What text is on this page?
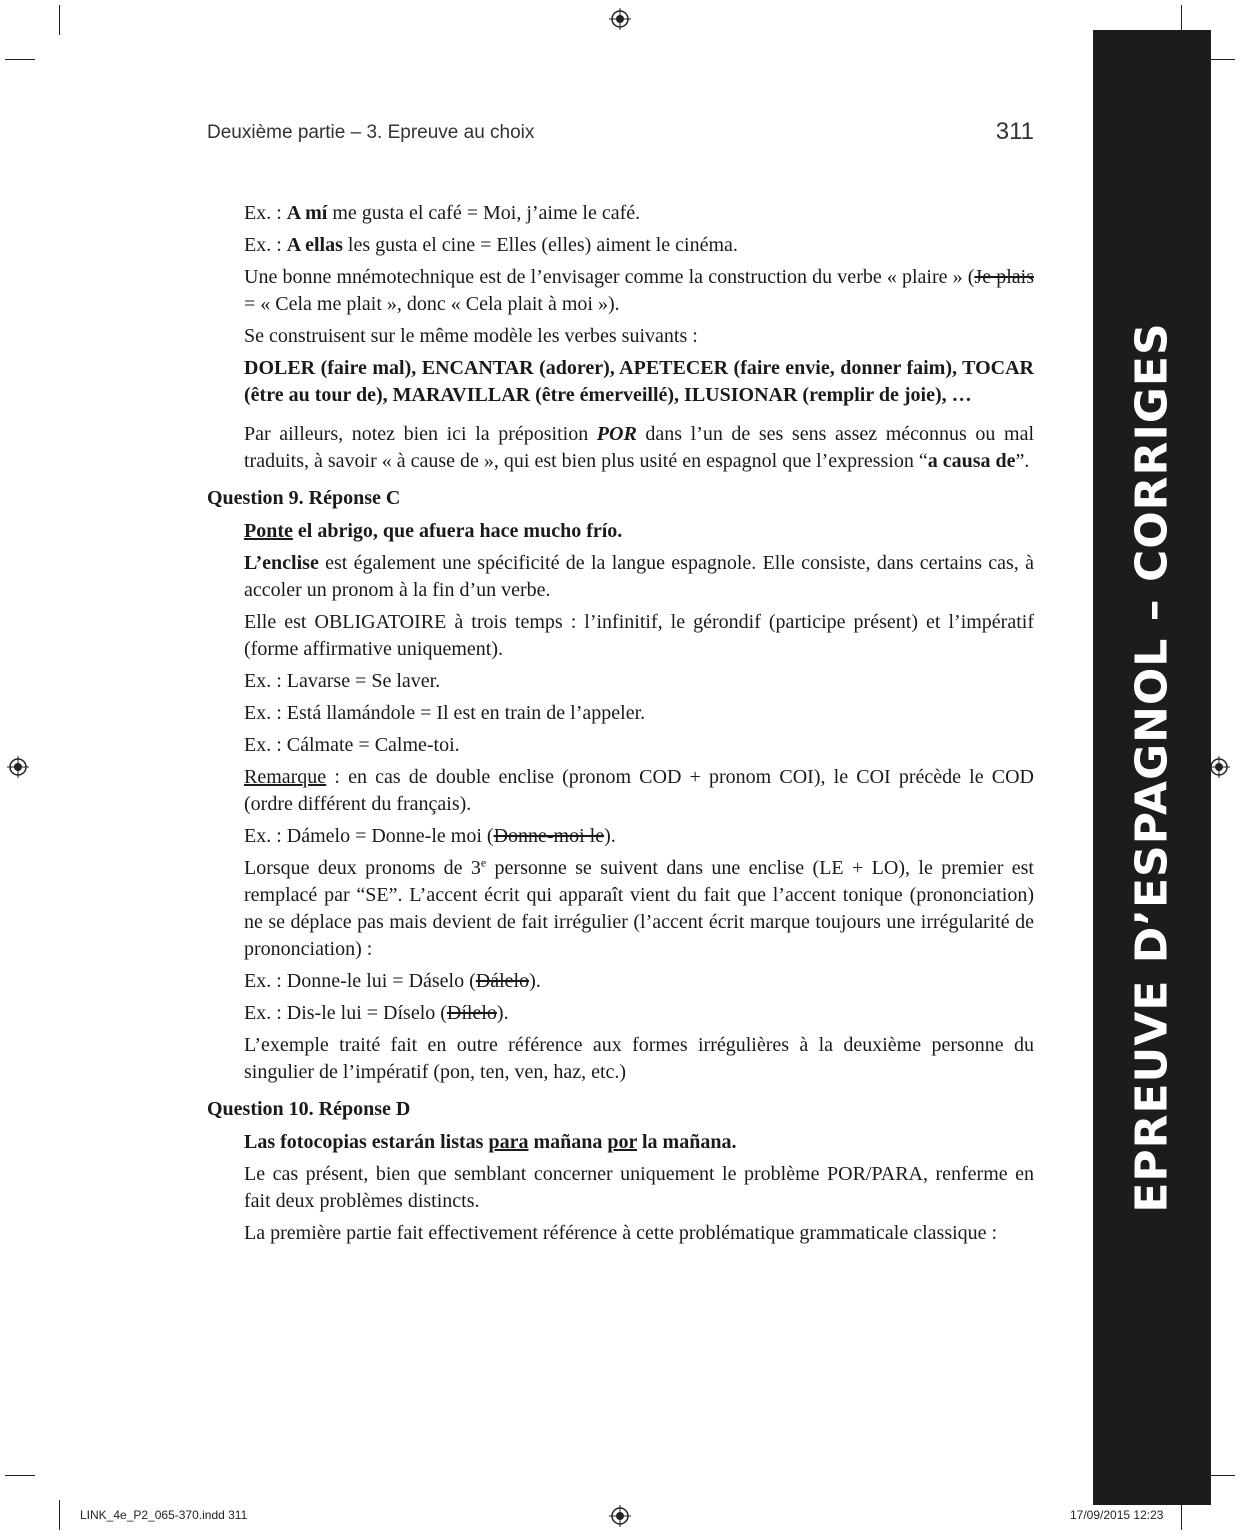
EPREUVE D’ESPAGNOL – CORRIGES
Deuxième partie – 3. Epreuve au choix	311

Ex. : A mí me gusta el café = Moi, j’aime le café.

Ex. : A ellas les gusta el cine = Elles (elles) aiment le cinéma.

Une bonne mnémotechnique est de l’envisager comme la construction du verbe « plaire » (Je plais = « Cela me plait », donc « Cela plait à moi »).

Se construisent sur le même modèle les verbes suivants :

DOLER (faire mal), ENCANTAR (adorer), APETECER (faire envie, donner faim), TOCAR (être au tour de), MARAVILLAR (être émerveillé), ILUSIONAR (remplir de joie), …

Par ailleurs, notez bien ici la préposition POR dans l’un de ses sens assez méconnus ou mal traduits, à savoir « à cause de », qui est bien plus usité en espagnol que l’expression “a causa de”.

Question 9. Réponse C

Ponte el abrigo, que afuera hace mucho frío.

L’enclise est également une spécificité de la langue espagnole. Elle consiste, dans certains cas, à accoler un pronom à la fin d’un verbe.

Elle est OBLIGATOIRE à trois temps : l’infinitif, le gérondif (participe présent) et l’impératif (forme affirmative uniquement).

Ex. : Lavarse = Se laver.

Ex. : Está llamándole = Il est en train de l’appeler.

Ex. : Cálmate = Calme-toi.

Remarque : en cas de double enclise (pronom COD + pronom COI), le COI précède le COD (ordre différent du français).

Ex. : Dámelo = Donne-le moi (Donne-moi le).

Lorsque deux pronoms de 3e personne se suivent dans une enclise (LE + LO), le premier est remplacé par “SE”. L’accent écrit qui apparaît vient du fait que l’accent tonique (prononciation) ne se déplace pas mais devient de fait irrégulier (l’accent écrit marque toujours une irrégularité de prononciation) :

Ex. : Donne-le lui = Dáselo (Dálelo).

Ex. : Dis-le lui = Díselo (Dílelo).

L’exemple traité fait en outre référence aux formes irrégulières à la deuxième personne du singulier de l’impératif (pon, ten, ven, haz, etc.)

Question 10. Réponse D

Las fotocopias estarán listas para mañana por la mañana.

Le cas présent, bien que semblant concerner uniquement le problème POR/PARA, renferme en fait deux problèmes distincts.

La première partie fait effectivement référence à cette problématique grammaticale classique :

LINK_4e_P2_065-370.indd 311	17/09/2015 12:23
